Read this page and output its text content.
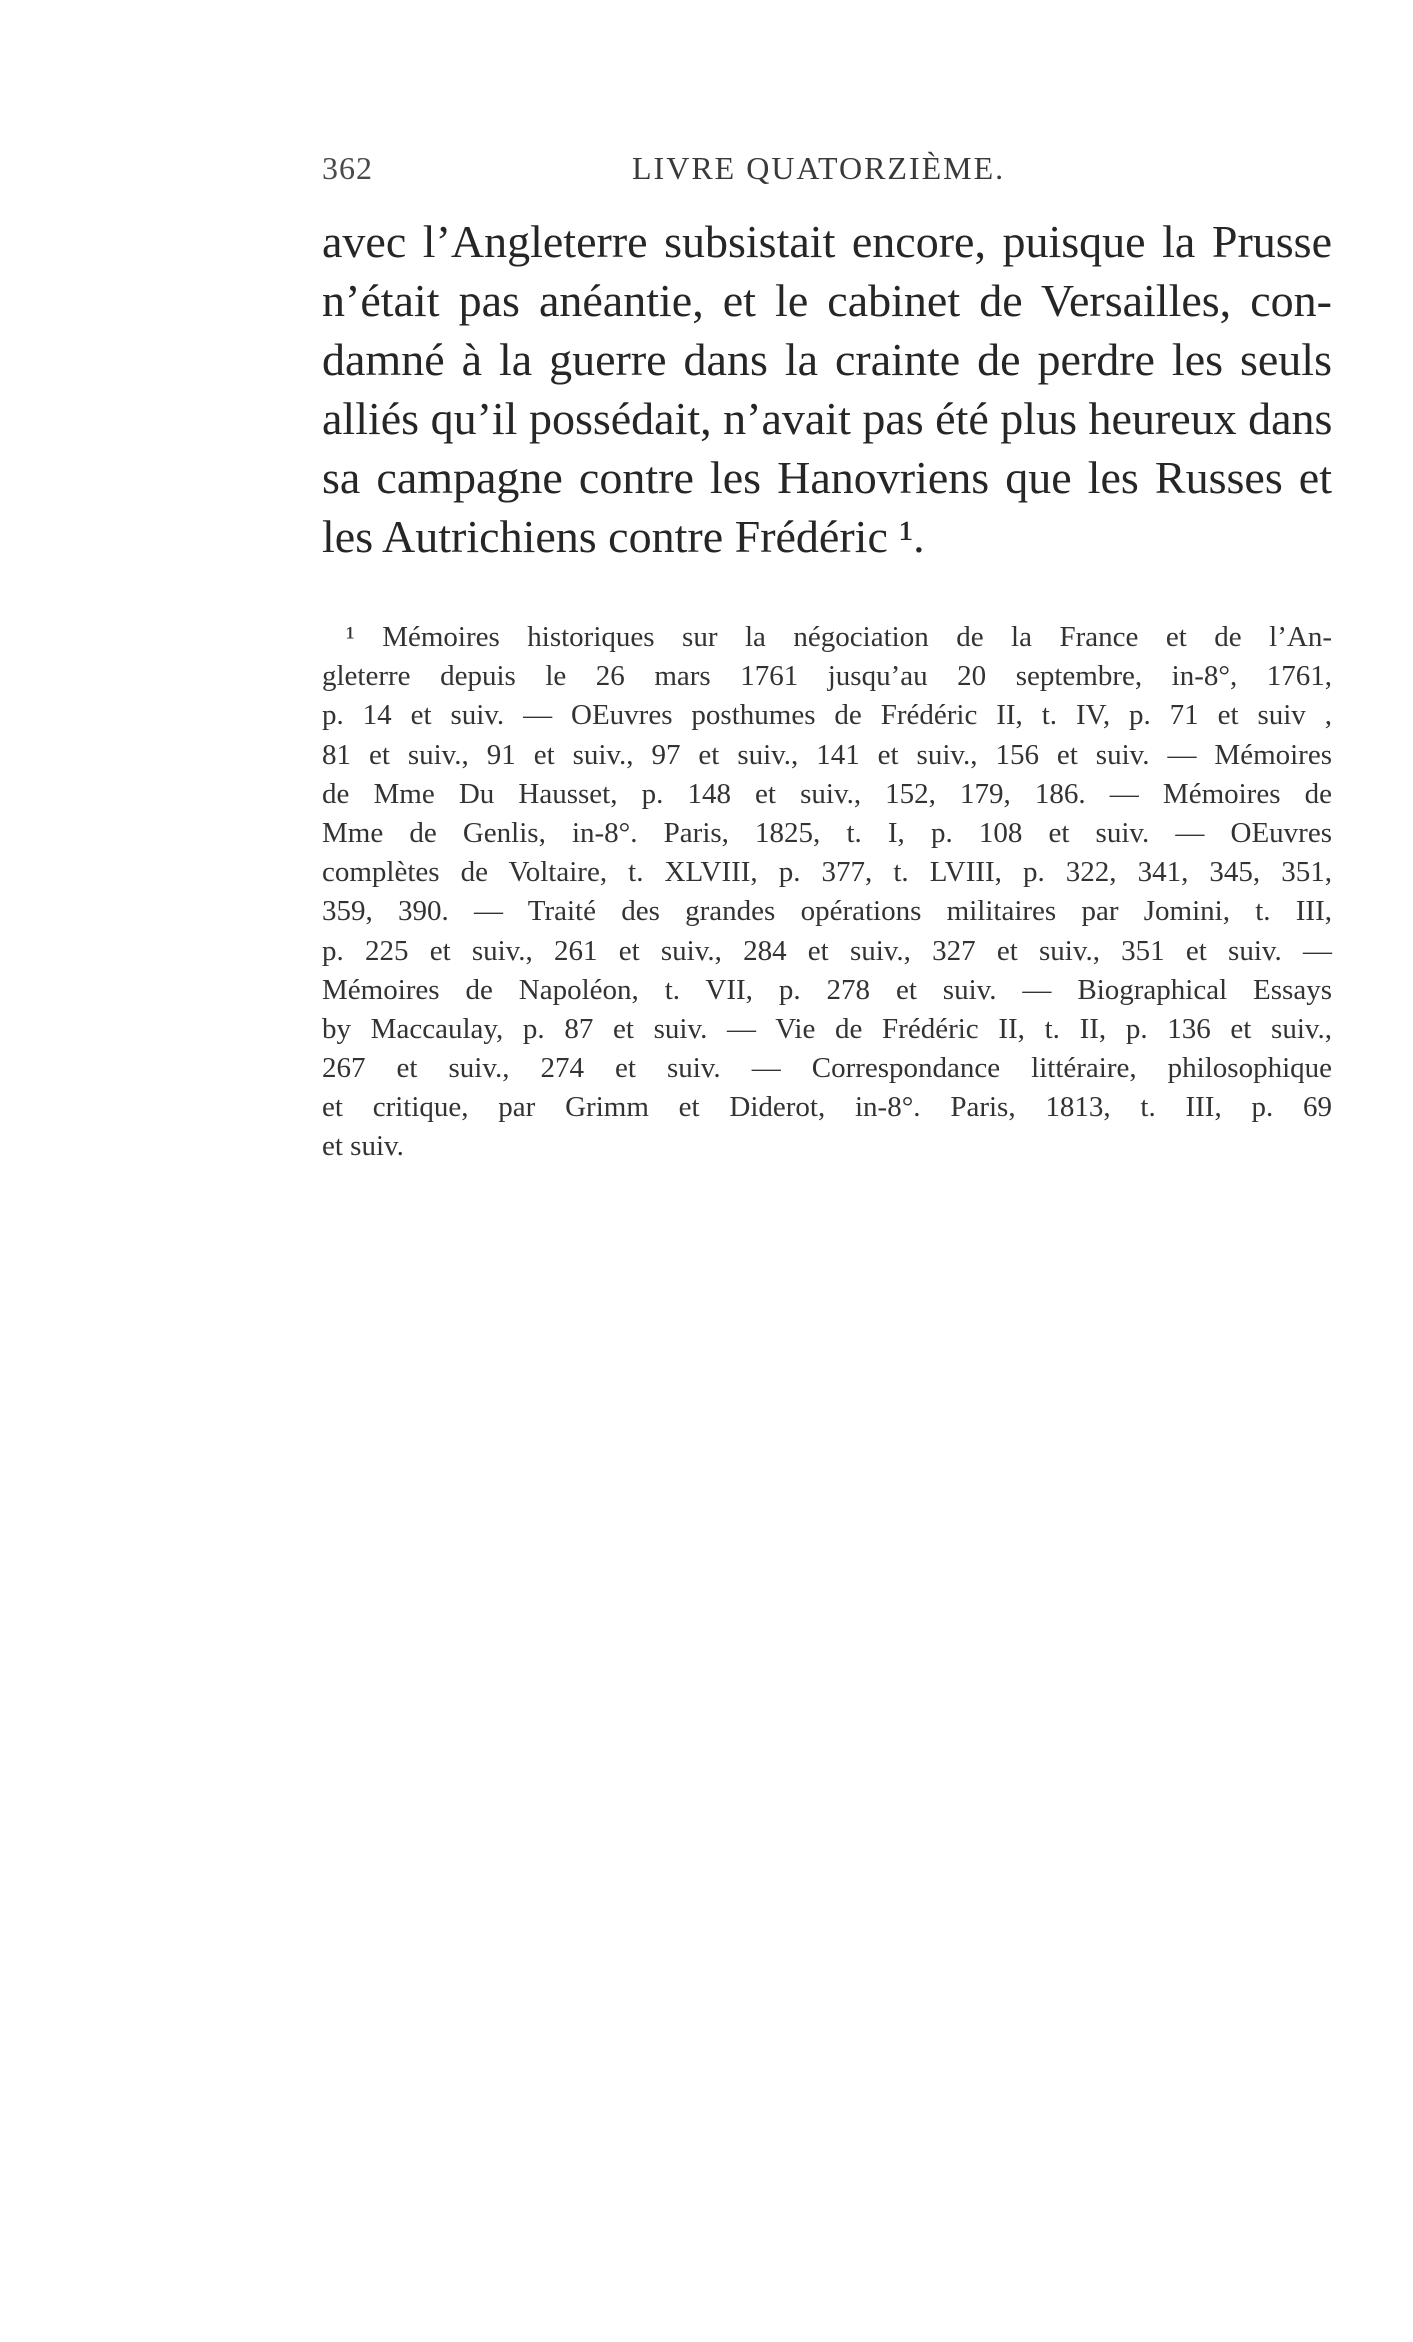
362	LIVRE QUATORZIÈME.
avec l’Angleterre subsistait encore, puisque la Prusse
n’était pas anéantie, et le cabinet de Versailles, con-
damné à la guerre dans la crainte de perdre les seuls
alliés qu’il possédait, n’avait pas été plus heureux dans
sa campagne contre les Hanovriens que les Russes et
les Autrichiens contre Frédéric ¹.
¹ Mémoires historiques sur la négociation de la France et de l’An-
gleterre depuis le 26 mars 1761 jusqu’au 20 septembre, in-8°, 1761,
p. 14 et suiv. — OEuvres posthumes de Frédéric II, t. IV, p. 71 et suiv ,
81 et suiv., 91 et suiv., 97 et suiv., 141 et suiv., 156 et suiv. — Mémoires
de Mme Du Hausset, p. 148 et suiv., 152, 179, 186. — Mémoires de
Mme de Genlis, in-8°. Paris, 1825, t. I, p. 108 et suiv. — OEuvres
complètes de Voltaire, t. XLVIII, p. 377, t. LVIII, p. 322, 341, 345, 351,
359, 390. — Traité des grandes opérations militaires par Jomini, t. III,
p. 225 et suiv., 261 et suiv., 284 et suiv., 327 et suiv., 351 et suiv. —
Mémoires de Napoléon, t. VII, p. 278 et suiv. — Biographical Essays
by Maccaulay, p. 87 et suiv. — Vie de Frédéric II, t. II, p. 136 et suiv.,
267 et suiv., 274 et suiv. — Correspondance littéraire, philosophique
et critique, par Grimm et Diderot, in-8°. Paris, 1813, t. III, p. 69
et suiv.
